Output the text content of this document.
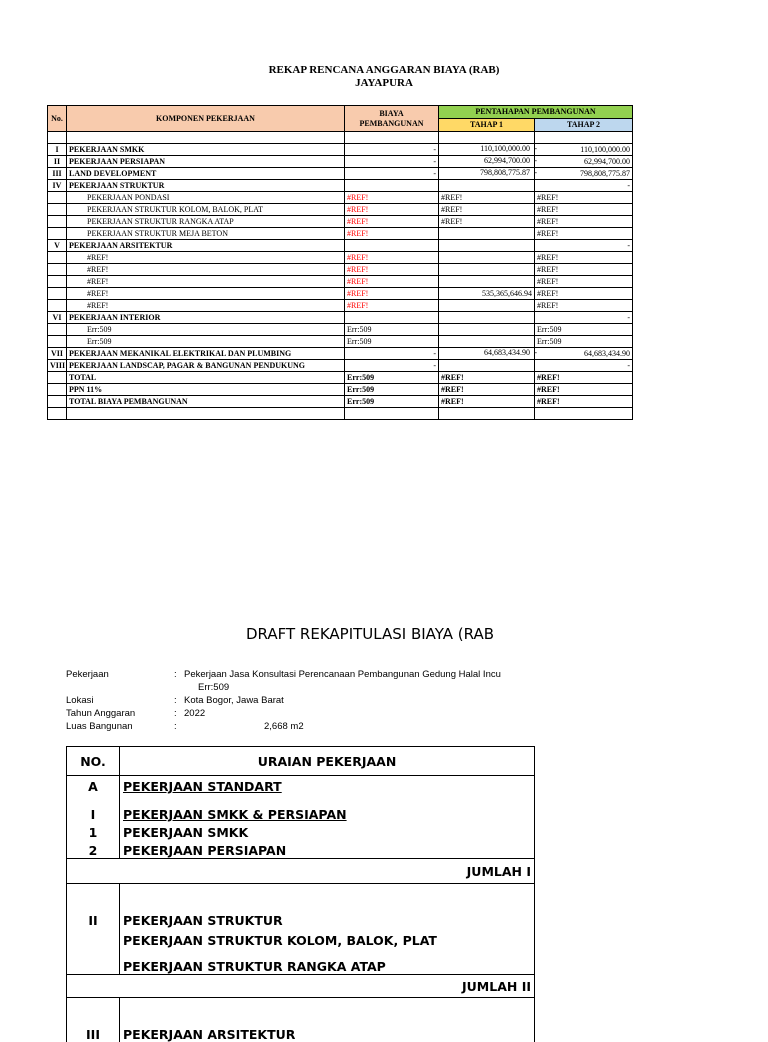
REKAP RENCANA ANGGARAN BIAYA (RAB)
JAYAPURA
No.	KOMPONEN PEKERJAAN	BIAYA
PEMBANGUNAN	PENTAHAPAN PEMBANGUNAN	
			TAHAP 1	TAHAP 2

I	PEKERJAAN SMKK	-	110,100,000.00 -	110,100,000.00
II	PEKERJAAN PERSIAPAN	-	62,994,700.00 -	62,994,700.00
III	LAND DEVELOPMENT	-	798,808,775.87 -	798,808,775.87
IV	PEKERJAAN STRUKTUR			-
	PEKERJAAN PONDASI	#REF!	#REF!	#REF!
	PEKERJAAN STRUKTUR KOLOM, BALOK, PLAT	#REF!	#REF!	#REF!
	PEKERJAAN STRUKTUR RANGKA ATAP	#REF!	#REF!	#REF!
	PEKERJAAN STRUKTUR MEJA BETON	#REF!		#REF!
V	PEKERJAAN ARSITEKTUR			-
	#REF!	#REF!		#REF!
	#REF!	#REF!		#REF!
	#REF!	#REF!		#REF!
	#REF!	#REF!	535,365,646.94	#REF!
	#REF!	#REF!		#REF!
VI	PEKERJAAN INTERIOR			-
	Err:509	Err:509		Err:509
	Err:509	Err:509		Err:509
VII	PEKERJAAN MEKANIKAL ELEKTRIKAL DAN PLUMBING	-	64,683,434.90 -	64,683,434.90
VIII	PEKERJAAN LANDSCAP, PAGAR & BANGUNAN PENDUKUNG	-		-
	TOTAL	Err:509	#REF!	#REF!
	PPN 11%	Err:509	#REF!	#REF!
	TOTAL BIAYA PEMBANGUNAN	Err:509	#REF!	#REF!

DRAFT REKAPITULASI BIAYA (RAB
Pekerjaan	: Pekerjaan Jasa Konsultasi Perencanaan Pembangunan Gedung Halal Incu
Err:509
Lokasi	: Kota Bogor, Jawa Barat
Tahun Anggaran	: 2022
Luas Bangunan	:	2,668 m2
NO.	URAIAN PEKERJAAN
A	PEKERJAAN STANDART
I	PEKERJAAN SMKK & PERSIAPAN
1	PEKERJAAN SMKK
2	PEKERJAAN PERSIAPAN
JUMLAH I	
II	PEKERJAAN STRUKTUR
	PEKERJAAN STRUKTUR KOLOM, BALOK, PLAT
	PEKERJAAN STRUKTUR RANGKA ATAP
JUMLAH II	
III	PEKERJAAN ARSITEKTUR
